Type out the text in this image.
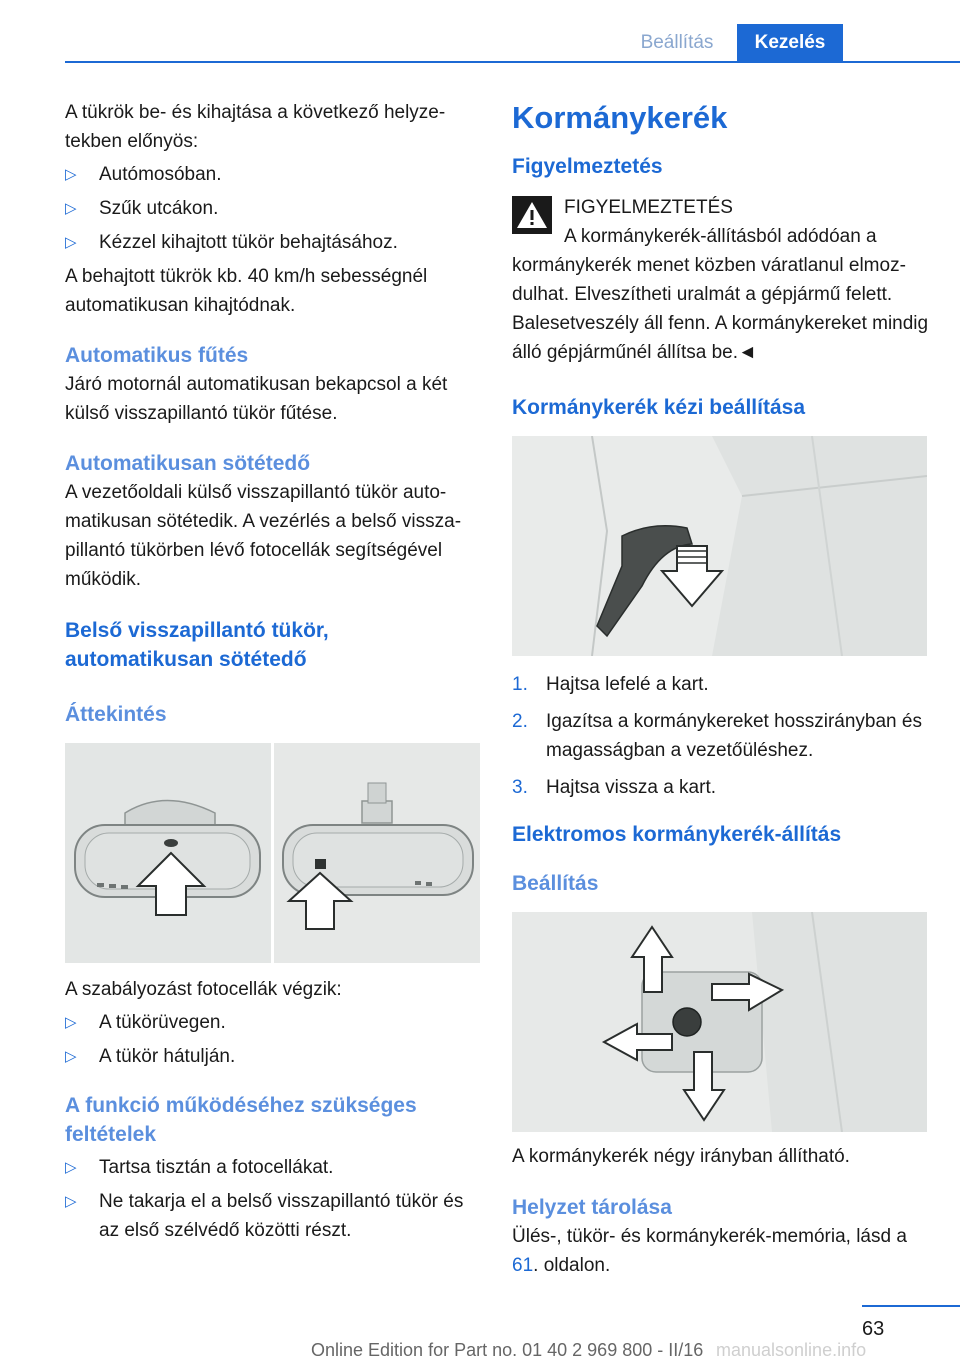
Beállítás	Kezelés

A tükrök be- és kihajtása a következő helyze-tekben előnyös:

▷ Autómosóban.
▷ Szűk utcákon.
▷ Kézzel kihajtott tükör behajtásához.

A behajtott tükrök kb. 40 km/h sebességnél automatikusan kihajtódnak.

Automatikus fűtés

Járó motornál automatikusan bekapcsol a két külső visszapillantó tükör fűtése.

Automatikusan sötétedő

A vezetőoldali külső visszapillantó tükör auto-matikusan sötétedik. A vezérlés a belső vissza-pillantó tükörben lévő fotocellák segítségével működik.

Belső visszapillantó tükör, automatikusan sötétedő
Áttekintés

A szabályozást fotocellák végzik:

▷ A tükörüvegen.
▷ A tükör hátulján.
A funkció működéséhez szükséges feltételek
▷ Tartsa tisztán a fotocellákat.
▷ Ne takarja el a belső visszapillantó tükör és az első szélvédő közötti részt.
Kormánykerék
Figyelmeztetés

FIGYELMEZTETÉS

A kormánykerék-állításból adódóan a kormánykerék menet közben váratlanul elmoz-dulhat. Elveszítheti uralmát a gépjármű felett. Balesetveszély áll fenn. A kormánykereket mindig álló gépjárműnél állítsa be.◄

Kormánykerék kézi beállítása
1. Hajtsa lefelé a kart.
2. Igazítsa a kormánykereket hosszirányban és magasságban a vezetőüléshez.
3. Hajtsa vissza a kart.
Elektromos kormánykerék-állítás
Beállítás

A kormánykerék négy irányban állítható.

Helyzet tárolása

Ülés-, tükör- és kormánykerék-memória, lásd a 61. oldalon.

63
Online Edition for Part no. 01 40 2 969 800 - II/16 manualsonline.info
